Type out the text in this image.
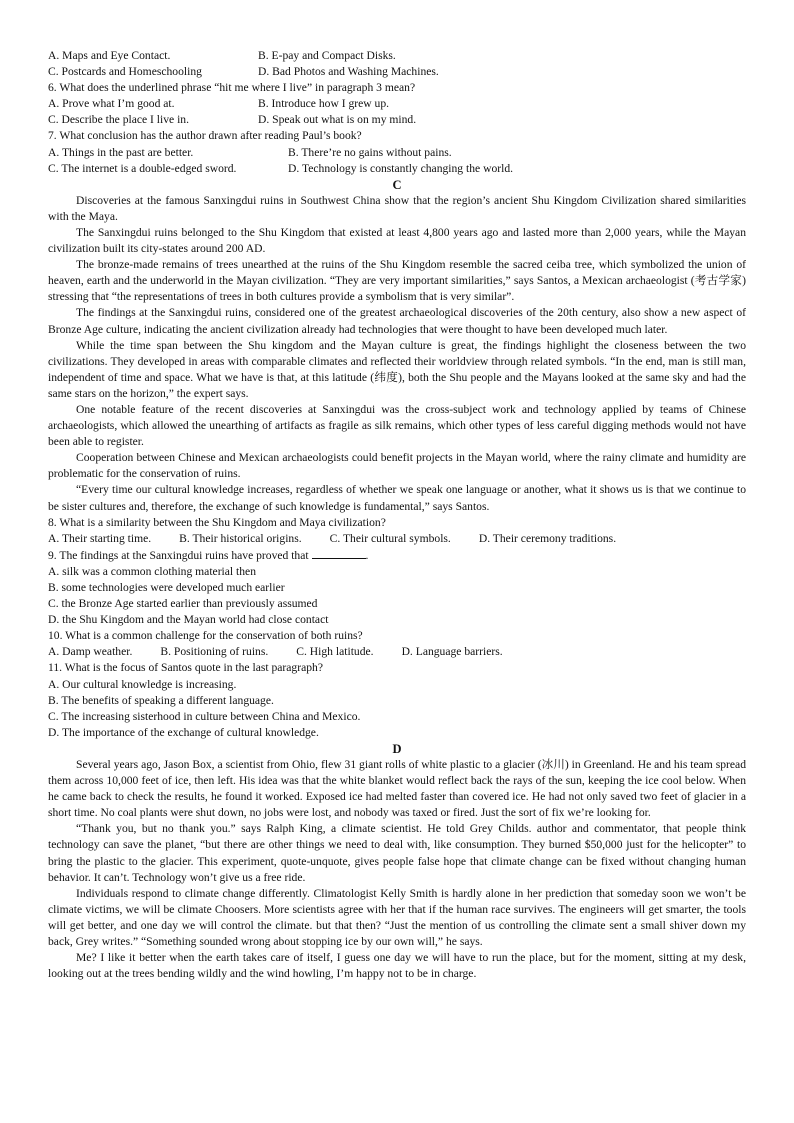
A. Maps and Eye Contact.	B. E-pay and Compact Disks.
C. Postcards and Homeschooling	D. Bad Photos and Washing Machines.
6. What does the underlined phrase “hit me where I live” in paragraph 3 mean?
A. Prove what I’m good at.	B. Introduce how I grew up.
C. Describe the place I live in.	D. Speak out what is on my mind.
7. What conclusion has the author drawn after reading Paul’s book?
A. Things in the past are better.	B. There’re no gains without pains.
C. The internet is a double-edged sword.	D. Technology is constantly changing the world.
C
Discoveries at the famous Sanxingdui ruins in Southwest China show that the region’s ancient Shu Kingdom Civilization shared similarities with the Maya.
The Sanxingdui ruins belonged to the Shu Kingdom that existed at least 4,800 years ago and lasted more than 2,000 years, while the Mayan civilization built its city-states around 200 AD.
The bronze-made remains of trees unearthed at the ruins of the Shu Kingdom resemble the sacred ceiba tree, which symbolized the union of heaven, earth and the underworld in the Mayan civilization. “They are very important similarities,” says Santos, a Mexican archaeologist (考古学家) stressing that “the representations of trees in both cultures provide a symbolism that is very similar”.
The findings at the Sanxingdui ruins, considered one of the greatest archaeological discoveries of the 20th century, also show a new aspect of Bronze Age culture, indicating the ancient civilization already had technologies that were thought to have been developed much later.
While the time span between the Shu kingdom and the Mayan culture is great, the findings highlight the closeness between the two civilizations. They developed in areas with comparable climates and reflected their worldview through related symbols. “In the end, man is still man, independent of time and space. What we have is that, at this latitude (纬度), both the Shu people and the Mayans looked at the same sky and had the same stars on the horizon,” the expert says.
One notable feature of the recent discoveries at Sanxingdui was the cross-subject work and technology applied by teams of Chinese archaeologists, which allowed the unearthing of artifacts as fragile as silk remains, which other types of less careful digging methods would not have been able to register.
Cooperation between Chinese and Mexican archaeologists could benefit projects in the Mayan world, where the rainy climate and humidity are problematic for the conservation of ruins.
“Every time our cultural knowledge increases, regardless of whether we speak one language or another, what it shows us is that we continue to be sister cultures and, therefore, the exchange of such knowledge is fundamental,” says Santos.
8. What is a similarity between the Shu Kingdom and Maya civilization?
A. Their starting time. B. Their historical origins. C. Their cultural symbols. D. Their ceremony traditions.
9. The findings at the Sanxingdui ruins have proved that	.
A. silk was a common clothing material then
B. some technologies were developed much earlier
C. the Bronze Age started earlier than previously assumed
D. the Shu Kingdom and the Mayan world had close contact
10. What is a common challenge for the conservation of both ruins?
A. Damp weather. B. Positioning of ruins. C. High latitude. D. Language barriers.
11. What is the focus of Santos quote in the last paragraph?
A. Our cultural knowledge is increasing.
B. The benefits of speaking a different language.
C. The increasing sisterhood in culture between China and Mexico.
D. The importance of the exchange of cultural knowledge.
D
Several years ago, Jason Box, a scientist from Ohio, flew 31 giant rolls of white plastic to a glacier (冰川) in Greenland. He and his team spread them across 10,000 feet of ice, then left. His idea was that the white blanket would reflect back the rays of the sun, keeping the ice cool below. When he came back to check the results, he found it worked. Exposed ice had melted faster than covered ice. He had not only saved two feet of glacier in a short time. No coal plants were shut down, no jobs were lost, and nobody was taxed or fired. Just the sort of fix we’re looking for.
“Thank you, but no thank you.” says Ralph King, a climate scientist. He told Grey Childs. author and commentator, that people think technology can save the planet, “but there are other things we need to deal with, like consumption. They burned $50,000 just for the helicopter” to bring the plastic to the glacier. This experiment, quote-unquote, gives people false hope that climate change can be fixed without changing human behavior. It can’t. Technology won’t give us a free ride.
Individuals respond to climate change differently. Climatologist Kelly Smith is hardly alone in her prediction that someday soon we won’t be climate victims, we will be climate Choosers. More scientists agree with her that if the human race survives. The engineers will get smarter, the tools will get better, and one day we will control the climate. but that then? “Just the mention of us controlling the climate sent a small shiver down my back, Grey writes.” “Something sounded wrong about stopping ice by our own will,” he says.
Me? I like it better when the earth takes care of itself, I guess one day we will have to run the place, but for the moment, sitting at my desk, looking out at the trees bending wildly and the wind howling, I’m happy not to be in charge.
